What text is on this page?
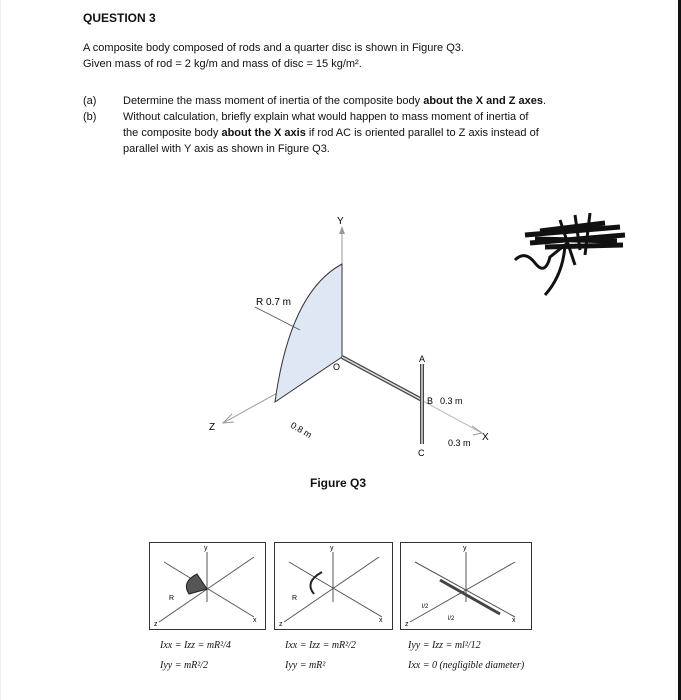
QUESTION 3
A composite body composed of rods and a quarter disc is shown in Figure Q3.
Given mass of rod = 2 kg/m and mass of disc = 15 kg/m².
(a) Determine the mass moment of inertia of the composite body about the X and Z axes.
(b) Without calculation, briefly explain what would happen to mass moment of inertia of
the composite body about the X axis if rod AC is oriented parallel to Z axis instead of
parallel with Y axis as shown in Figure Q3.
Y
Z
X
R 0.7 m
O
0.8 m
A
B
C
0.3 m
0.3 m
Figure Q3
y
z
x
R
y
z
x
R
y
z
x
l/2
l/2
Ixx = Izz = mR²/4
Iyy = mR²/2
Ixx = Izz = mR²/2
Iyy = mR²
Iyy = Izz = ml²/12
Ixx = 0 (negligible diameter)
